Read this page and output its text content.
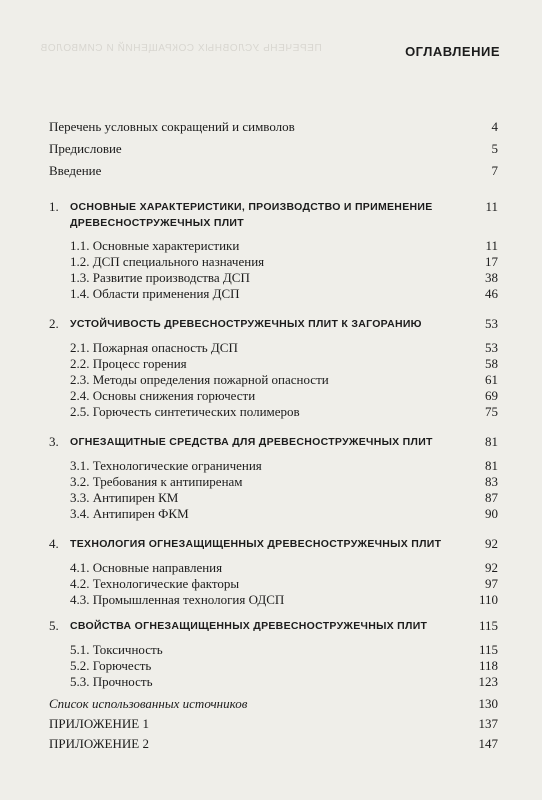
ПЕРЕЧЕНЬ УСЛОВНЫХ СОКРАЩЕНИЙ И СИМВОЛОВ	ОГЛАВЛЕНИЕ
Перечень условных сокращений и символов	4
Предисловие	5
Введение	7
1. ОСНОВНЫЕ ХАРАКТЕРИСТИКИ, ПРОИЗВОДСТВО И ПРИМЕНЕНИЕ	11
ДРЕВЕСНОСТРУЖЕЧНЫХ ПЛИТ
1.1. Основные характеристики	11
1.2. ДСП специального назначения	17
1.3. Развитие производства ДСП	38
1.4. Области применения ДСП	46
2. УСТОЙЧИВОСТЬ ДРЕВЕСНОСТРУЖЕЧНЫХ ПЛИТ К ЗАГОРАНИЮ	53
2.1. Пожарная опасность ДСП	53
2.2. Процесс горения	58
2.3. Методы определения пожарной опасности	61
2.4. Основы снижения горючести	69
2.5. Горючесть синтетических полимеров	75
3. ОГНЕЗАЩИТНЫЕ СРЕДСТВА ДЛЯ ДРЕВЕСНОСТРУЖЕЧНЫХ ПЛИТ	81
3.1. Технологические ограничения	81
3.2. Требования к антипиренам	83
3.3. Антипирен КМ	87
3.4. Антипирен ФКМ	90
4. ТЕХНОЛОГИЯ ОГНЕЗАЩИЩЕННЫХ ДРЕВЕСНОСТРУЖЕЧНЫХ ПЛИТ	92
4.1. Основные направления	92
4.2. Технологические факторы	97
4.3. Промышленная технология ОДСП	110
5. СВОЙСТВА ОГНЕЗАЩИЩЕННЫХ ДРЕВЕСНОСТРУЖЕЧНЫХ ПЛИТ	115
5.1. Токсичность	115
5.2. Горючесть	118
5.3. Прочность	123
Список использованных источников	130
ПРИЛОЖЕНИЕ 1	137
ПРИЛОЖЕНИЕ 2	147
